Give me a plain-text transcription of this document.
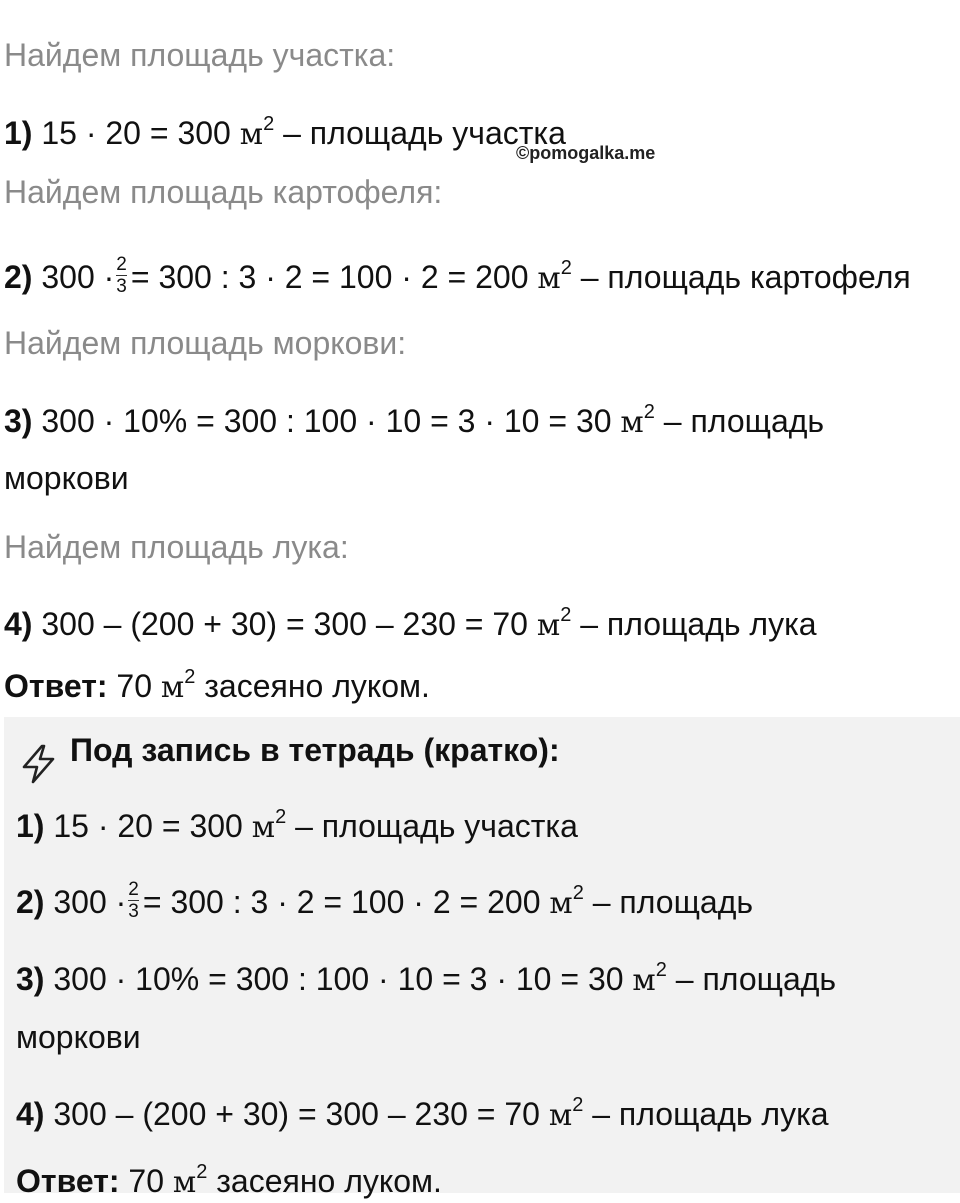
Найдем площадь участка:
1) 15 · 20 = 300 $м^2$ – площадь участка
©pomogalka.me
Найдем площадь картофеля:
2) $300 \cdot \frac{2}{3} = 300$ : 3 · 2 = 100 · 2 = 200 $м^2$ – площадь картофеля
Найдем площадь моркови:
3) 300 · 10% = 300 : 100 · 10 = 3 · 10 = 30 $м^2$ – площадь
моркови
Найдем площадь лука:
4) 300 – (200 + 30) = 300 – 230 = 70 $м^2$ – площадь лука
Ответ: 70 $м^2$ засеяно луком.
Под запись в тетрадь (кратко):
1) 15 · 20 = 300 $м^2$ – площадь участка
2) $300 \cdot \frac{2}{3} = 300$ : 3 · 2 = 100 · 2 = 200 $м^2$ – площадь
3) 300 · 10% = 300 : 100 · 10 = 3 · 10 = 30 $м^2$ – площадь
моркови
4) 300 – (200 + 30) = 300 – 230 = 70 $м^2$ – площадь лука
Ответ: 70 $м^2$ засеяно луком.
